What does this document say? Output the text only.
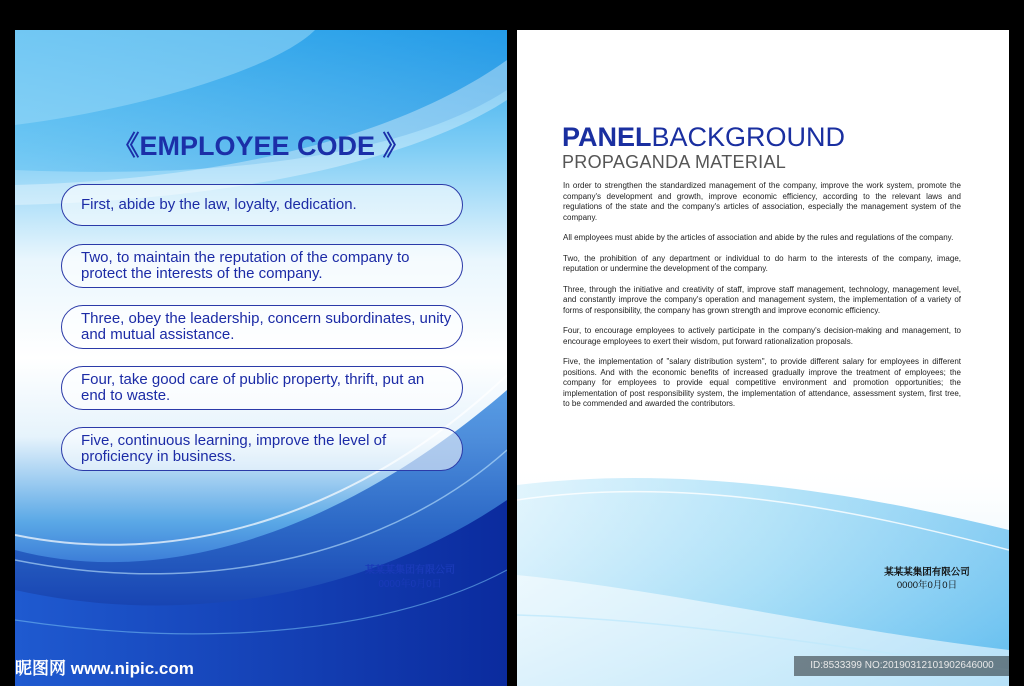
《EMPLOYEE CODE 》
First, abide by the law, loyalty, dedication.
Two, to maintain the reputation of the company to protect the interests of the company.
Three, obey the leadership, concern subordinates, unity and mutual assistance.
Four, take good care of public property, thrift, put an end to waste.
Five, continuous learning, improve the level of proficiency in business.
某某某集团有限公司
0000年0月0日
PANELBACKGROUND
PROPAGANDA MATERIAL

In order to strengthen the standardized management of the company, improve the work system, promote the company's development and growth, improve economic efficiency, according to the relevant laws and regulations of the state and the company's articles of association, especially the management system of the company.

All employees must abide by the articles of association and abide by the rules and regulations of the company.

Two, the prohibition of any department or individual to do harm to the interests of the company, image, reputation or undermine the development of the company.

Three, through the initiative and creativity of staff, improve staff management, technology, management level, and constantly improve the company's operation and management system, the implementation of a variety of forms of responsibility, the company has grown strength and improve economic efficiency.

Four, to encourage employees to actively participate in the company's decision-making and management, to encourage employees to exert their wisdom, put forward rationalization proposals.

Five, the implementation of "salary distribution system", to provide different salary for employees in different positions. And with the economic benefits of increased gradually improve the treatment of employees; the company for employees to provide equal competitive environment and promotion opportunities; the implementation of post responsibility system, the implementation of attendance, assessment system, first tree, to be commended and awarded the contributors.

某某某集团有限公司
0000年0月0日
昵图网 www.nipic.com	ID:8533399 NO:20190312101902646000
